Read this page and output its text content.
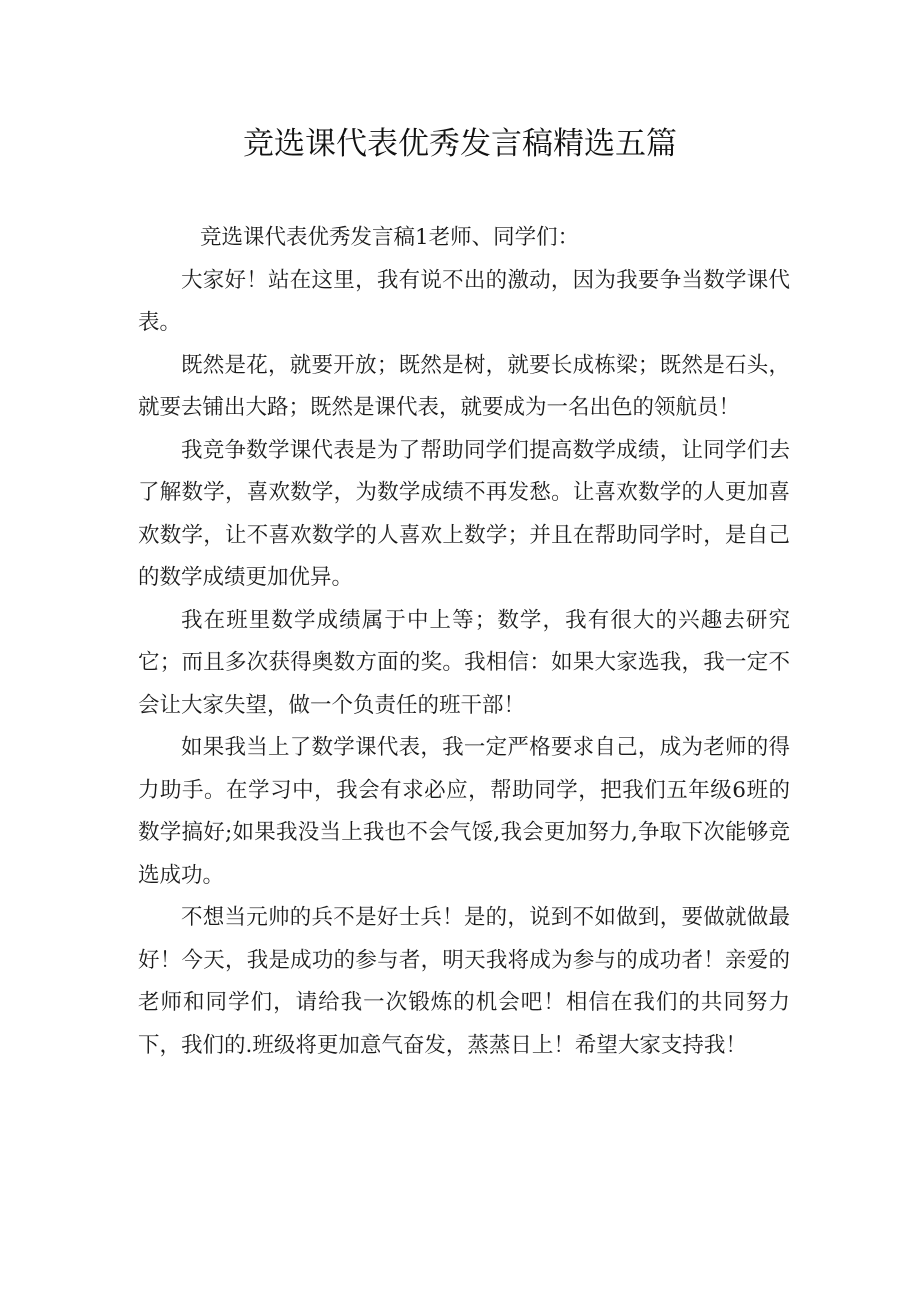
竞选课代表优秀发言稿精选五篇

竞选课代表优秀发言稿1老师、同学们：

大家好！站在这里，我有说不出的激动，因为我要争当数学课代表。

既然是花，就要开放；既然是树，就要长成栋梁；既然是石头，就要去铺出大路；既然是课代表，就要成为一名出色的领航员！

我竞争数学课代表是为了帮助同学们提高数学成绩，让同学们去了解数学，喜欢数学，为数学成绩不再发愁。让喜欢数学的人更加喜欢数学，让不喜欢数学的人喜欢上数学；并且在帮助同学时，是自己的数学成绩更加优异。

我在班里数学成绩属于中上等；数学，我有很大的兴趣去研究它；而且多次获得奥数方面的奖。我相信：如果大家选我，我一定不会让大家失望，做一个负责任的班干部！

如果我当上了数学课代表，我一定严格要求自己，成为老师的得力助手。在学习中，我会有求必应，帮助同学，把我们五年级6班的数学搞好;如果我没当上我也不会气馁,我会更加努力,争取下次能够竞选成功。

不想当元帅的兵不是好士兵！是的，说到不如做到，要做就做最好！今天，我是成功的参与者，明天我将成为参与的成功者！亲爱的老师和同学们，请给我一次锻炼的机会吧！相信在我们的共同努力下，我们的.班级将更加意气奋发，蒸蒸日上！希望大家支持我！
